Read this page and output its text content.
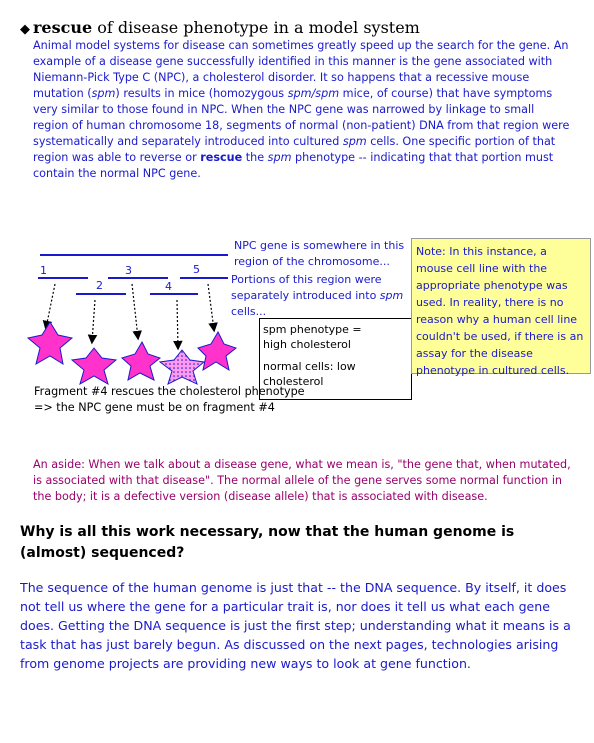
◆ rescue of disease phenotype in a model system
Animal model systems for disease can sometimes greatly speed up the search for the gene. An example of a disease gene successfully identified in this manner is the gene associated with Niemann-Pick Type C (NPC), a cholesterol disorder. It so happens that a recessive mouse mutation (spm) results in mice (homozygous spm/spm mice, of course) that have symptoms very similar to those found in NPC. When the NPC gene was narrowed by linkage to small region of human chromosome 18, segments of normal (non-patient) DNA from that region were systematically and separately introduced into cultured spm cells. One specific portion of that region was able to reverse or rescue the spm phenotype -- indicating that that portion must contain the normal NPC gene.
1
2
3
4
5
NPC gene is somewhere in this region of the chromosome...
Portions of this region were separately introduced into spm cells...
spm phenotype = high cholesterol
normal cells: low cholesterol
Note: In this instance, a mouse cell line with the appropriate phenotype was used. In reality, there is no reason why a human cell line couldn't be used, if there is an assay for the disease phenotype in cultured cells.
Fragment #4 rescues the cholesterol phenotype => the NPC gene must be on fragment #4
An aside: When we talk about a disease gene, what we mean is, "the gene that, when mutated, is associated with that disease". The normal allele of the gene serves some normal function in the body; it is a defective version (disease allele) that is associated with disease.
Why is all this work necessary, now that the human genome is (almost) sequenced?
The sequence of the human genome is just that -- the DNA sequence. By itself, it does not tell us where the gene for a particular trait is, nor does it tell us what each gene does. Getting the DNA sequence is just the first step; understanding what it means is a task that has just barely begun. As discussed on the next pages, technologies arising from genome projects are providing new ways to look at gene function.
